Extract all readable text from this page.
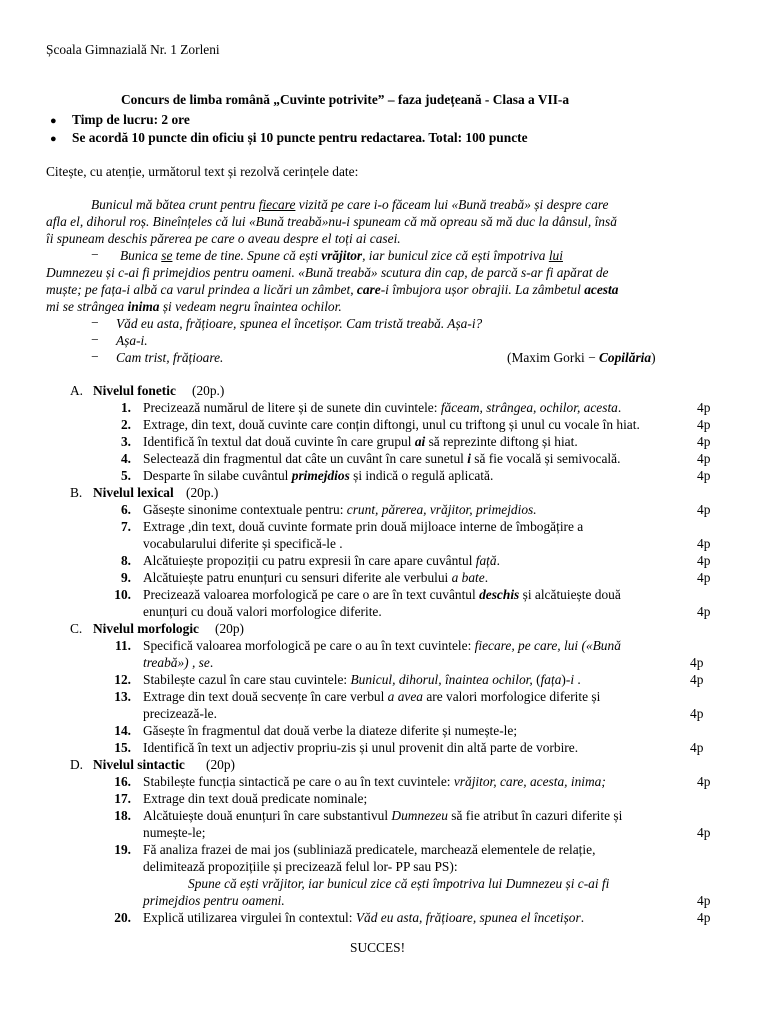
Școala Gimnazială Nr. 1 Zorleni
Concurs de limba română „Cuvinte potrivite” – faza județeană - Clasa a VII-a
● Timp de lucru: 2 ore
● Se acordă 10 puncte din oficiu și 10 puncte pentru redactarea. Total: 100 puncte
Citește, cu atenție, următorul text și rezolvă cerințele date:
Bunicul mă bătea crunt pentru fiecare vizită pe care i-o făceam lui «Bună treabă» și despre care
afla el, dihorul roș. Bineînțeles că lui «Bună treabă»nu-i spuneam că mă opreau să mă duc la dânsul, însă
îi spuneam deschis părerea pe care o aveau despre el toți ai casei.
− Bunica se teme de tine. Spune că ești vrăjitor, iar bunicul zice că ești împotriva lui
Dumnezeu și c-ai fi primejdios pentru oameni. «Bună treabă» scutura din cap, de parcă s-ar fi apărat de
muște; pe fața-i albă ca varul prindea a licări un zâmbet, care-i îmbujora ușor obrajii. La zâmbetul acesta
mi se strângea inima și vedeam negru înaintea ochilor.
− Văd eu asta, frățioare, spunea el încetișor. Cam tristă treabă. Așa-i?
− Așa-i.
− Cam trist, frățioare.	(Maxim Gorki − Copilăria)
A. Nivelul fonetic (20p.)
1. Precizează numărul de litere și de sunete din cuvintele: făceam, strângea, ochilor, acesta.	4p
2. Extrage, din text, două cuvinte care conțin diftongi, unul cu triftong și unul cu vocale în hiat.	4p
3. Identifică în textul dat două cuvinte în care grupul ai să reprezinte diftong și hiat.	4p
4. Selectează din fragmentul dat câte un cuvânt în care sunetul i să fie vocală și semivocală.	4p
5. Desparte în silabe cuvântul primejdios și indică o regulă aplicată.	4p
B. Nivelul lexical (20p.)
6. Găsește sinonime contextuale pentru: crunt, părerea, vrăjitor, primejdios.	4p
7. Extrage ,din text, două cuvinte formate prin două mijloace interne de îmbogățire a
vocabularului diferite și specifică-le .	4p
8. Alcătuiește propoziții cu patru expresii în care apare cuvântul față.	4p
9. Alcătuiește patru enunțuri cu sensuri diferite ale verbului a bate.	4p
10. Precizează valoarea morfologică pe care o are în text cuvântul deschis și alcătuiește două
enunțuri cu două valori morfologice diferite.	4p
C. Nivelul morfologic (20p)
11. Specifică valoarea morfologică pe care o au în text cuvintele: fiecare, pe care, lui («Bună
treabă») , se.	4p
12. Stabilește cazul în care stau cuvintele: Bunicul, dihorul, înaintea ochilor, (fața)-i .	4p
13. Extrage din text două secvențe în care verbul a avea are valori morfologice diferite și
precizează-le.	4p
14. Găsește în fragmentul dat două verbe la diateze diferite și numește-le;
15. Identifică în text un adjectiv propriu-zis și unul provenit din altă parte de vorbire.	4p
D. Nivelul sintactic (20p)
16. Stabilește funcția sintactică pe care o au în text cuvintele: vrăjitor, care, acesta, inima;	4p
17. Extrage din text două predicate nominale;
18. Alcătuiește două enunțuri în care substantivul Dumnezeu să fie atribut în cazuri diferite și
numește-le;	4p
19. Fă analiza frazei de mai jos (subliniază predicatele, marchează elementele de relație,
delimitează propozițiile și precizează felul lor- PP sau PS):
Spune că ești vrăjitor, iar bunicul zice că ești împotriva lui Dumnezeu și c-ai fi
primejdios pentru oameni.	4p
20. Explică utilizarea virgulei în contextul: Văd eu asta, frățioare, spunea el încetișor.	4p
SUCCES!
